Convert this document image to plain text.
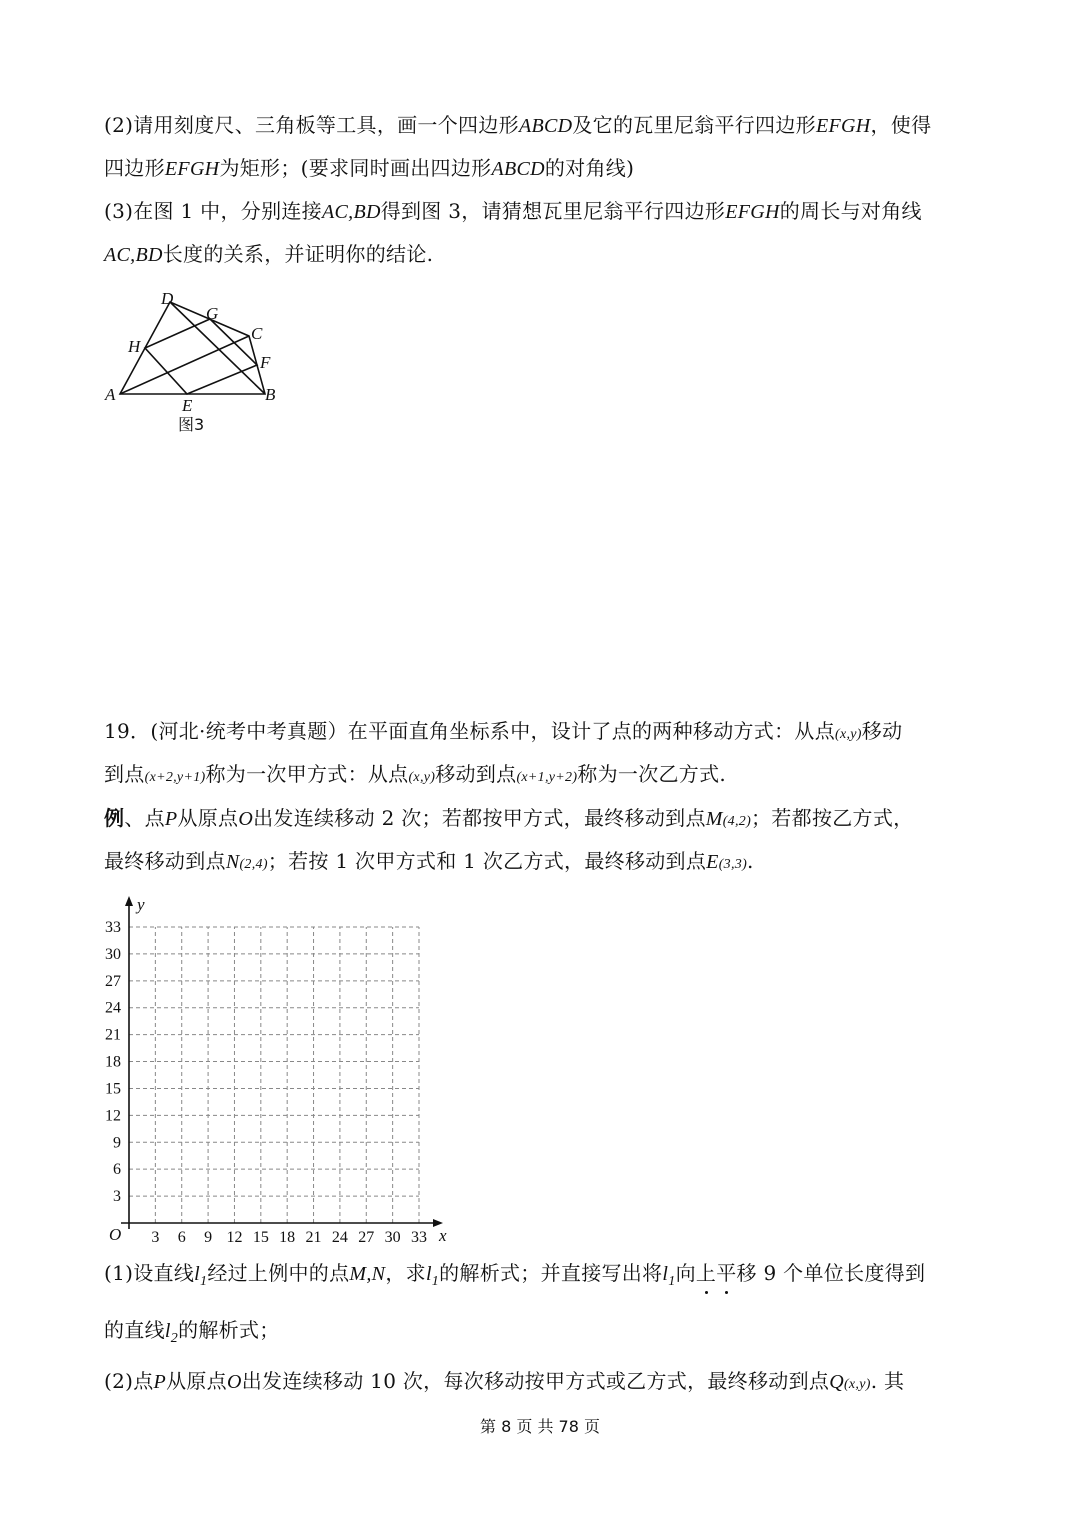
(2)请用刻度尺、三角板等工具，画一个四边形ABCD及它的瓦里尼翁平行四边形EFGH，使得
四边形EFGH为矩形；(要求同时画出四边形ABCD的对角线)
(3)在图 1 中，分别连接AC,BD得到图 3，请猜想瓦里尼翁平行四边形EFGH的周长与对角线
AC,BD长度的关系，并证明你的结论.
D
G
C
H
F
A
E
B
图3
19．(河北·统考中考真题）在平面直角坐标系中，设计了点的两种移动方式：从点(x,y)移动
到点(x+2,y+1)称为一次甲方式：从点(x,y)移动到点(x+1,y+2)称为一次乙方式.
例、点P从原点O出发连续移动 2 次；若都按甲方式，最终移动到点M(4,2)；若都按乙方式，
最终移动到点N(2,4)；若按 1 次甲方式和 1 次乙方式，最终移动到点E(3,3).
3 6 9 12 15 18 21 24 27 30 33
3
6
9
12
15
18
21
24
27
30
33
O	x
y
(1)设直线$l_1$经过上例中的点M,N，求$l_1$的解析式；并直接写出将$l_1$向上平移 9 个单位长度得到
的直线$l_2$的解析式；
(2)点P从原点O出发连续移动 10 次，每次移动按甲方式或乙方式，最终移动到点Q(x,y). 其
第 8 页 共 78 页
